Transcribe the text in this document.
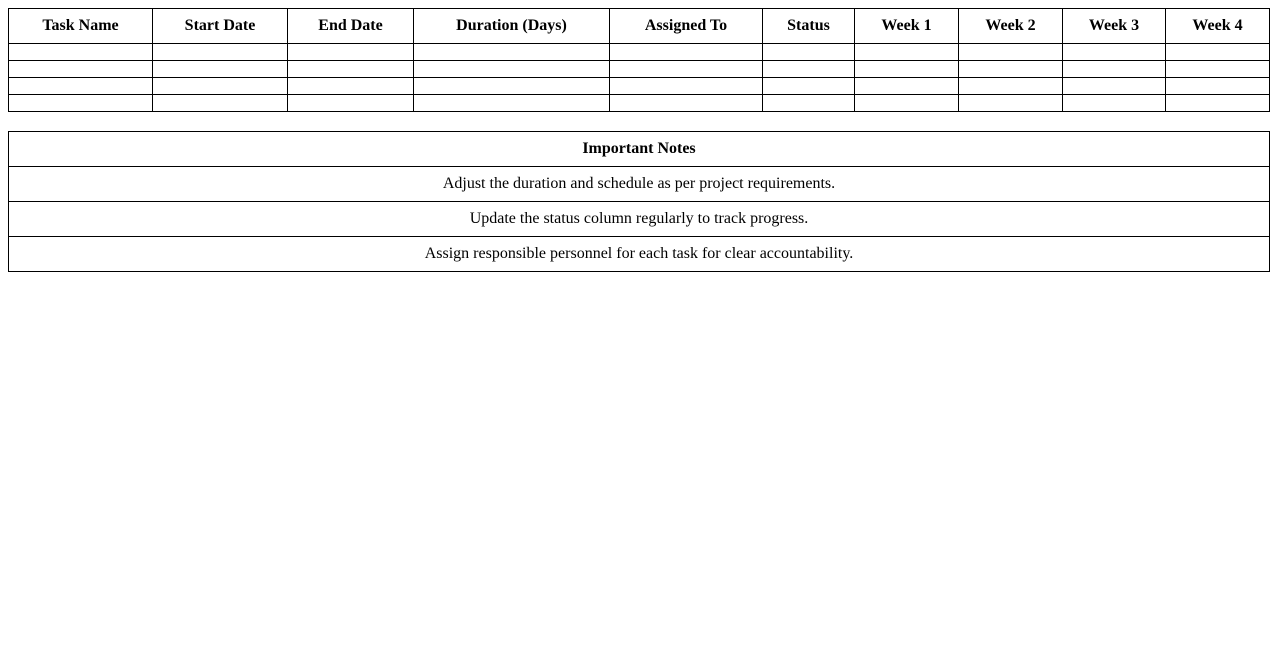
Task Name	Start Date	End Date	Duration (Days)	Assigned To	Status	Week 1	Week 2	Week 3	Week 4

Important Notes
Adjust the duration and schedule as per project requirements.
Update the status column regularly to track progress.
Assign responsible personnel for each task for clear accountability.
